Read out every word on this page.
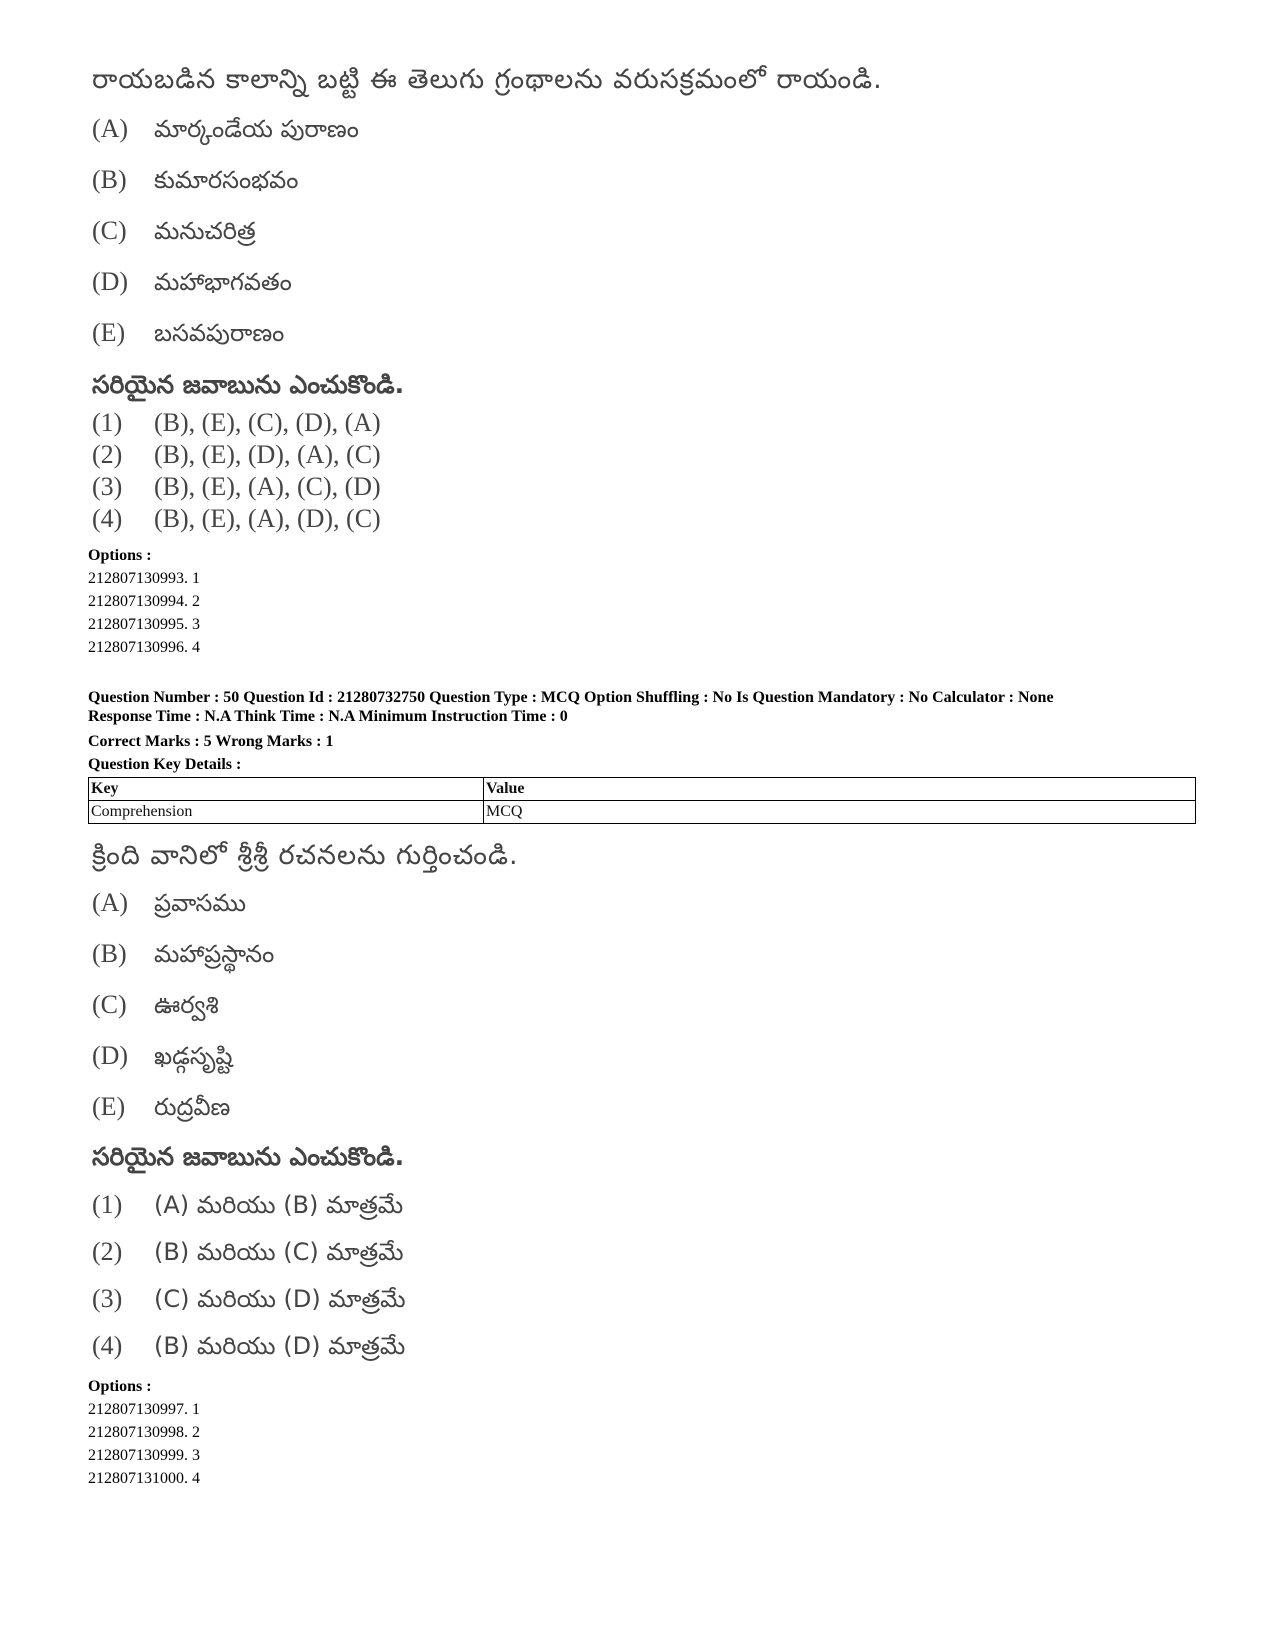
రాయబడిన కాలాన్ని బట్టి ఈ తెలుగు గ్రంథాలను వరుసక్రమంలో రాయండి.
(A)	మార్కండేయ పురాణం
(B)	కుమారసంభవం
(C)	మనుచరిత్ర
(D)	మహాభాగవతం
(E)	బసవపురాణం
సరియైన జవాబును ఎంచుకొండి.
(1)	(B), (E), (C), (D), (A)
(2)	(B), (E), (D), (A), (C)
(3)	(B), (E), (A), (C), (D)
(4)	(B), (E), (A), (D), (C)
Options :
212807130993. 1
212807130994. 2
212807130995. 3
212807130996. 4
Question Number : 50 Question Id : 21280732750 Question Type : MCQ Option Shuffling : No Is Question Mandatory : No Calculator : None
Response Time : N.A Think Time : N.A Minimum Instruction Time : 0
Correct Marks : 5 Wrong Marks : 1
Question Key Details :
Key	Value
Comprehension	MCQ
క్రింది వానిలో శ్రీశ్రీ రచనలను గుర్తించండి.
(A)	ప్రవాసము
(B)	మహాప్రస్థానం
(C)	ఊర్వశి
(D)	ఖడ్గసృష్టి
(E)	రుద్రవీణ
సరియైన జవాబును ఎంచుకొండి.
(1)	(A) మరియు (B) మాత్రమే
(2)	(B) మరియు (C) మాత్రమే
(3)	(C) మరియు (D) మాత్రమే
(4)	(B) మరియు (D) మాత్రమే
Options :
212807130997. 1
212807130998. 2
212807130999. 3
212807131000. 4
